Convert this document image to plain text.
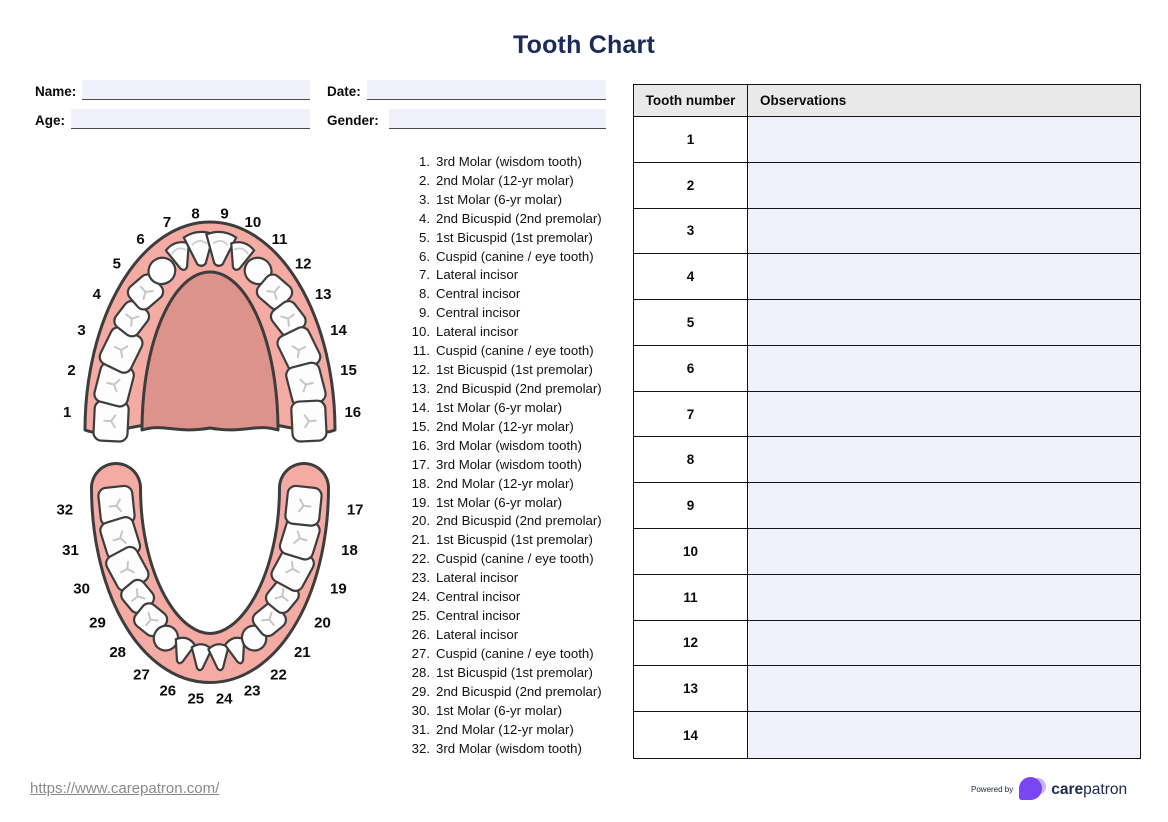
Tooth Chart
Name:	Date:
Age:	Gender:
1
2
3
4
5
6
7
8 9
10
11
12
13
14
15
16
32
31
30
29
28
27
26 25 24 23
22
21
20
19
18
17
1. 3rd Molar (wisdom tooth)
2. 2nd Molar (12-yr molar)
3. 1st Molar (6-yr molar)
4. 2nd Bicuspid (2nd premolar)
5. 1st Bicuspid (1st premolar)
6. Cuspid (canine / eye tooth)
7. Lateral incisor
8. Central incisor
9. Central incisor
10. Lateral incisor
11. Cuspid (canine / eye tooth)
12. 1st Bicuspid (1st premolar)
13. 2nd Bicuspid (2nd premolar)
14. 1st Molar (6-yr molar)
15. 2nd Molar (12-yr molar)
16. 3rd Molar (wisdom tooth)
17. 3rd Molar (wisdom tooth)
18. 2nd Molar (12-yr molar)
19. 1st Molar (6-yr molar)
20. 2nd Bicuspid (2nd premolar)
21. 1st Bicuspid (1st premolar)
22. Cuspid (canine / eye tooth)
23. Lateral incisor
24. Central incisor
25. Central incisor
26. Lateral incisor
27. Cuspid (canine / eye tooth)
28. 1st Bicuspid (1st premolar)
29. 2nd Bicuspid (2nd premolar)
30. 1st Molar (6-yr molar)
31. 2nd Molar (12-yr molar)
32. 3rd Molar (wisdom tooth)
Tooth number	Observations
1
2
3
4
5
6
7
8
9
10
11
12
13
14
https://www.carepatron.com/	Powered by carepatron
